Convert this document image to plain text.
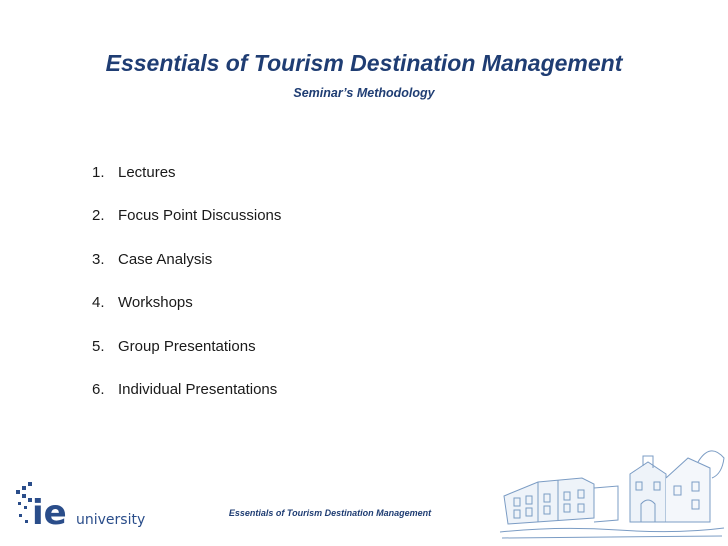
Essentials of Tourism Destination Management
Seminar’s Methodology
1. Lectures
2. Focus Point Discussions
3. Case Analysis
4. Workshops
5. Group Presentations
6. Individual Presentations
ie university	Essentials of Tourism Destination Management
